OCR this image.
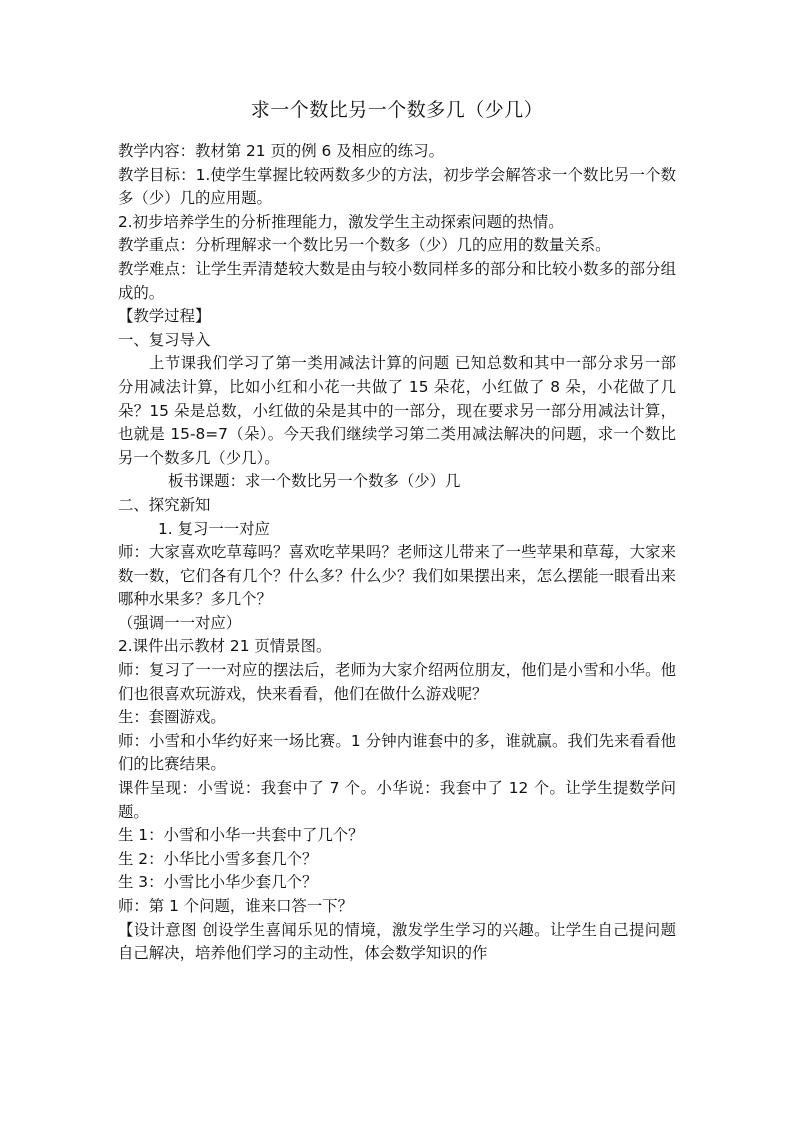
求一个数比另一个数多几（少几）

教学内容：教材第 21 页的例 6 及相应的练习。

教学目标：1.使学生掌握比较两数多少的方法，初步学会解答求一个数比另一个数多（少）几的应用题。

2.初步培养学生的分析推理能力，激发学生主动探索问题的热情。

教学重点：分析理解求一个数比另一个数多（少）几的应用的数量关系。

教学难点：让学生弄清楚较大数是由与较小数同样多的部分和比较小数多的部分组成的。

【教学过程】

一、复习导入

上节课我们学习了第一类用减法计算的问题 已知总数和其中一部分求另一部分用减法计算，比如小红和小花一共做了 15 朵花，小红做了 8 朵，小花做了几朵？15 朵是总数，小红做的朵是其中的一部分，现在要求另一部分用减法计算，也就是 15-8=7（朵）。今天我们继续学习第二类用减法解决的问题，求一个数比另一个数多几（少几）。

板书课题：求一个数比另一个数多（少）几

二、探究新知

1. 复习一一对应

师：大家喜欢吃草莓吗？喜欢吃苹果吗？老师这儿带来了一些苹果和草莓，大家来数一数，它们各有几个？什么多？什么少？我们如果摆出来，怎么摆能一眼看出来哪种水果多？多几个？

（强调一一对应）

2.课件出示教材 21 页情景图。

师：复习了一一对应的摆法后，老师为大家介绍两位朋友，他们是小雪和小华。他们也很喜欢玩游戏，快来看看，他们在做什么游戏呢？

生：套圈游戏。

师：小雪和小华约好来一场比赛。1 分钟内谁套中的多，谁就赢。我们先来看看他们的比赛结果。

课件呈现：小雪说：我套中了 7 个。小华说：我套中了 12 个。让学生提数学问题。

生 1：小雪和小华一共套中了几个？

生 2：小华比小雪多套几个？

生 3：小雪比小华少套几个？

师：第 1 个问题，谁来口答一下？

【设计意图 创设学生喜闻乐见的情境，激发学生学习的兴趣。让学生自己提问题自己解决，培养他们学习的主动性，体会数学知识的作
